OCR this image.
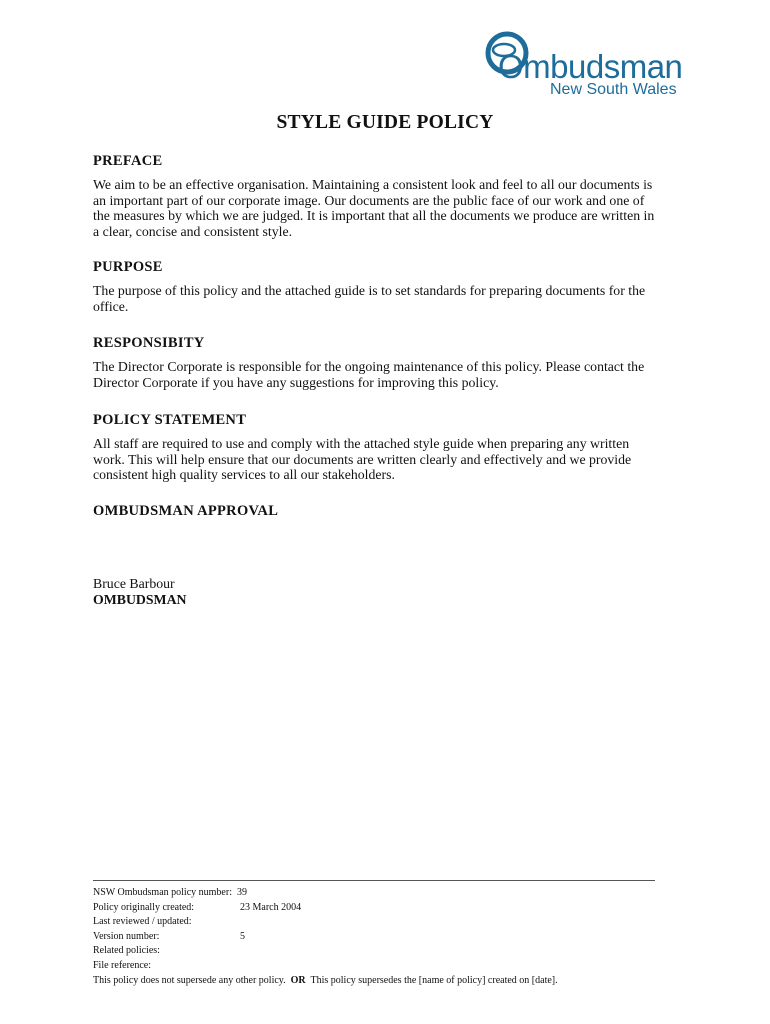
Ombudsman
New South Wales
STYLE GUIDE POLICY
PREFACE

We aim to be an effective organisation. Maintaining a consistent look and feel to all our documents is
an important part of our corporate image. Our documents are the public face of our work and one of
the measures by which we are judged. It is important that all the documents we produce are written in
a clear, concise and consistent style.

PURPOSE

The purpose of this policy and the attached guide is to set standards for preparing documents for the
office.

RESPONSIBITY

The Director Corporate is responsible for the ongoing maintenance of this policy. Please contact the
Director Corporate if you have any suggestions for improving this policy.

POLICY STATEMENT

All staff are required to use and comply with the attached style guide when preparing any written
work. This will help ensure that our documents are written clearly and effectively and we provide
consistent high quality services to all our stakeholders.

OMBUDSMAN APPROVAL
Bruce Barbour
OMBUDSMAN
NSW Ombudsman policy number: 39
Policy originally created:	23 March 2004
Last reviewed / updated:
Version number:	5
Related policies:
File reference:
This policy does not supersede any other policy. OR This policy supersedes the [name of policy] created on [date].
